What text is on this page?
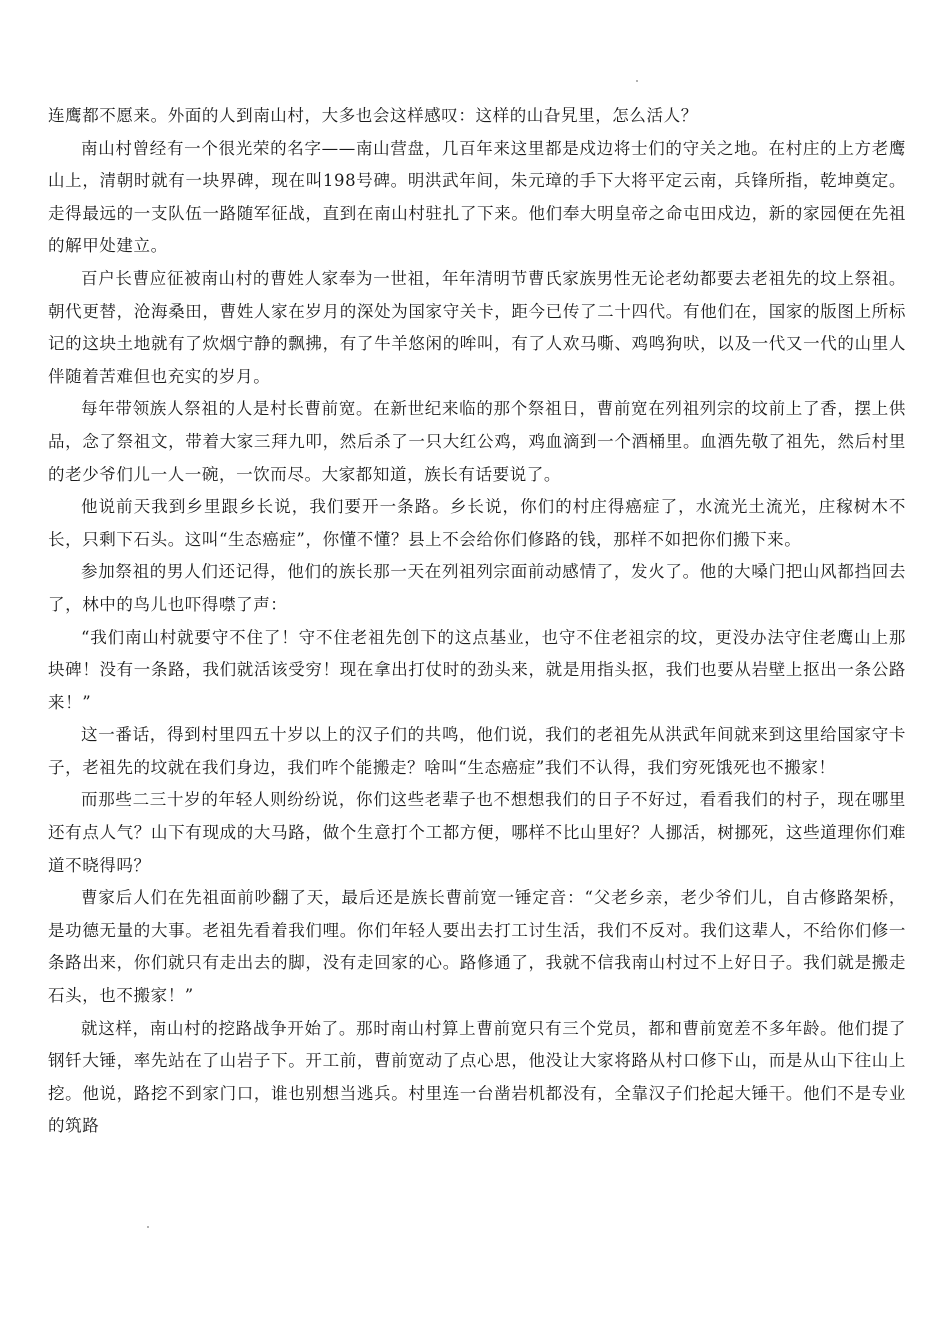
连鹰都不愿来。外面的人到南山村，大多也会这样感叹：这样的山旮旯里，怎么活人？

南山村曾经有一个很光荣的名字——南山营盘，几百年来这里都是戍边将士们的守关之地。在村庄的上方老鹰山上，清朝时就有一块界碑，现在叫198号碑。明洪武年间，朱元璋的手下大将平定云南，兵锋所指，乾坤奠定。走得最远的一支队伍一路随军征战，直到在南山村驻扎了下来。他们奉大明皇帝之命屯田戍边，新的家园便在先祖的解甲处建立。

百户长曹应征被南山村的曹姓人家奉为一世祖，年年清明节曹氏家族男性无论老幼都要去老祖先的坟上祭祖。朝代更替，沧海桑田，曹姓人家在岁月的深处为国家守关卡，距今已传了二十四代。有他们在，国家的版图上所标记的这块土地就有了炊烟宁静的飘拂，有了牛羊悠闲的哞叫，有了人欢马嘶、鸡鸣狗吠，以及一代又一代的山里人伴随着苦难但也充实的岁月。

每年带领族人祭祖的人是村长曹前宽。在新世纪来临的那个祭祖日，曹前宽在列祖列宗的坟前上了香，摆上供品，念了祭祖文，带着大家三拜九叩，然后杀了一只大红公鸡，鸡血滴到一个酒桶里。血酒先敬了祖先，然后村里的老少爷们儿一人一碗，一饮而尽。大家都知道，族长有话要说了。

他说前天我到乡里跟乡长说，我们要开一条路。乡长说，你们的村庄得癌症了，水流光土流光，庄稼树木不长，只剩下石头。这叫“生态癌症”，你懂不懂？县上不会给你们修路的钱，那样不如把你们搬下来。

参加祭祖的男人们还记得，他们的族长那一天在列祖列宗面前动感情了，发火了。他的大嗓门把山风都挡回去了，林中的鸟儿也吓得噤了声：

“我们南山村就要守不住了！守不住老祖先创下的这点基业，也守不住老祖宗的坟，更没办法守住老鹰山上那块碑！没有一条路，我们就活该受穷！现在拿出打仗时的劲头来，就是用指头抠，我们也要从岩壁上抠出一条公路来！”

这一番话，得到村里四五十岁以上的汉子们的共鸣，他们说，我们的老祖先从洪武年间就来到这里给国家守卡子，老祖先的坟就在我们身边，我们咋个能搬走？啥叫“生态癌症”我们不认得，我们穷死饿死也不搬家！

而那些二三十岁的年轻人则纷纷说，你们这些老辈子也不想想我们的日子不好过，看看我们的村子，现在哪里还有点人气？山下有现成的大马路，做个生意打个工都方便，哪样不比山里好？人挪活，树挪死，这些道理你们难道不晓得吗？

曹家后人们在先祖面前吵翻了天，最后还是族长曹前宽一锤定音：“父老乡亲，老少爷们儿，自古修路架桥，是功德无量的大事。老祖先看着我们哩。你们年轻人要出去打工讨生活，我们不反对。我们这辈人，不给你们修一条路出来，你们就只有走出去的脚，没有走回家的心。路修通了，我就不信我南山村过不上好日子。我们就是搬走石头，也不搬家！”

就这样，南山村的挖路战争开始了。那时南山村算上曹前宽只有三个党员，都和曹前宽差不多年龄。他们提了钢钎大锤，率先站在了山岩子下。开工前，曹前宽动了点心思，他没让大家将路从村口修下山，而是从山下往山上挖。他说，路挖不到家门口，谁也别想当逃兵。村里连一台凿岩机都没有，全靠汉子们抡起大锤干。他们不是专业的筑路
